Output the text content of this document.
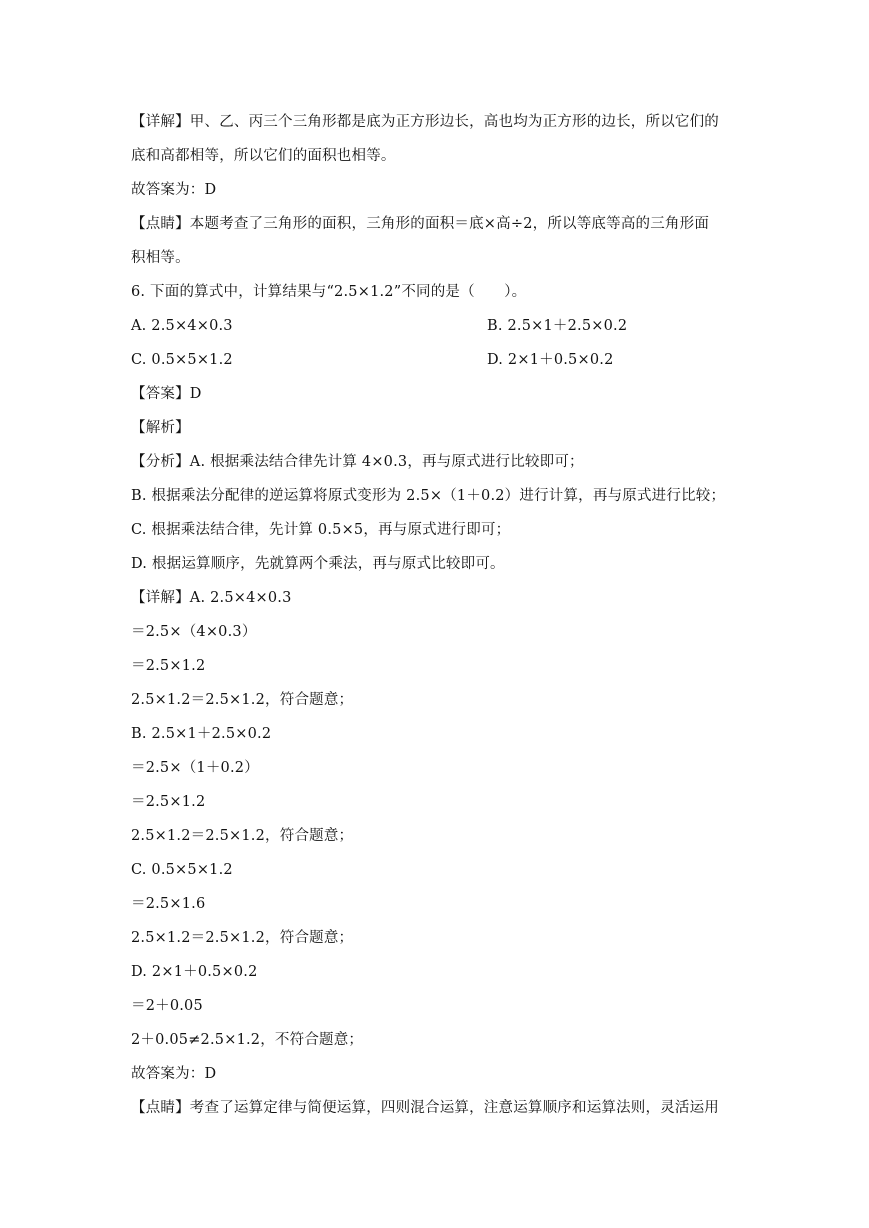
【详解】甲、乙、丙三个三角形都是底为正方形边长，高也均为正方形的边长，所以它们的
底和高都相等，所以它们的面积也相等。
故答案为：D
【点睛】本题考查了三角形的面积，三角形的面积＝底×高÷2，所以等底等高的三角形面
积相等。
6. 下面的算式中，计算结果与“2.5×1.2”不同的是（　　）。
A. 2.5×4×0.3	B. 2.5×1＋2.5×0.2
C. 0.5×5×1.2	D. 2×1＋0.5×0.2
【答案】D
【解析】
【分析】A. 根据乘法结合律先计算 4×0.3，再与原式进行比较即可；
B. 根据乘法分配律的逆运算将原式变形为 2.5×（1＋0.2）进行计算，再与原式进行比较；
C. 根据乘法结合律，先计算 0.5×5，再与原式进行即可；
D. 根据运算顺序，先就算两个乘法，再与原式比较即可。
【详解】A. 2.5×4×0.3
＝2.5×（4×0.3）
＝2.5×1.2
2.5×1.2＝2.5×1.2，符合题意；
B. 2.5×1＋2.5×0.2
＝2.5×（1＋0.2）
＝2.5×1.2
2.5×1.2＝2.5×1.2，符合题意；
C. 0.5×5×1.2
＝2.5×1.6
2.5×1.2＝2.5×1.2，符合题意；
D. 2×1＋0.5×0.2
＝2＋0.05
2＋0.05≠2.5×1.2，不符合题意；
故答案为：D
【点睛】考查了运算定律与简便运算，四则混合运算，注意运算顺序和运算法则，灵活运用
